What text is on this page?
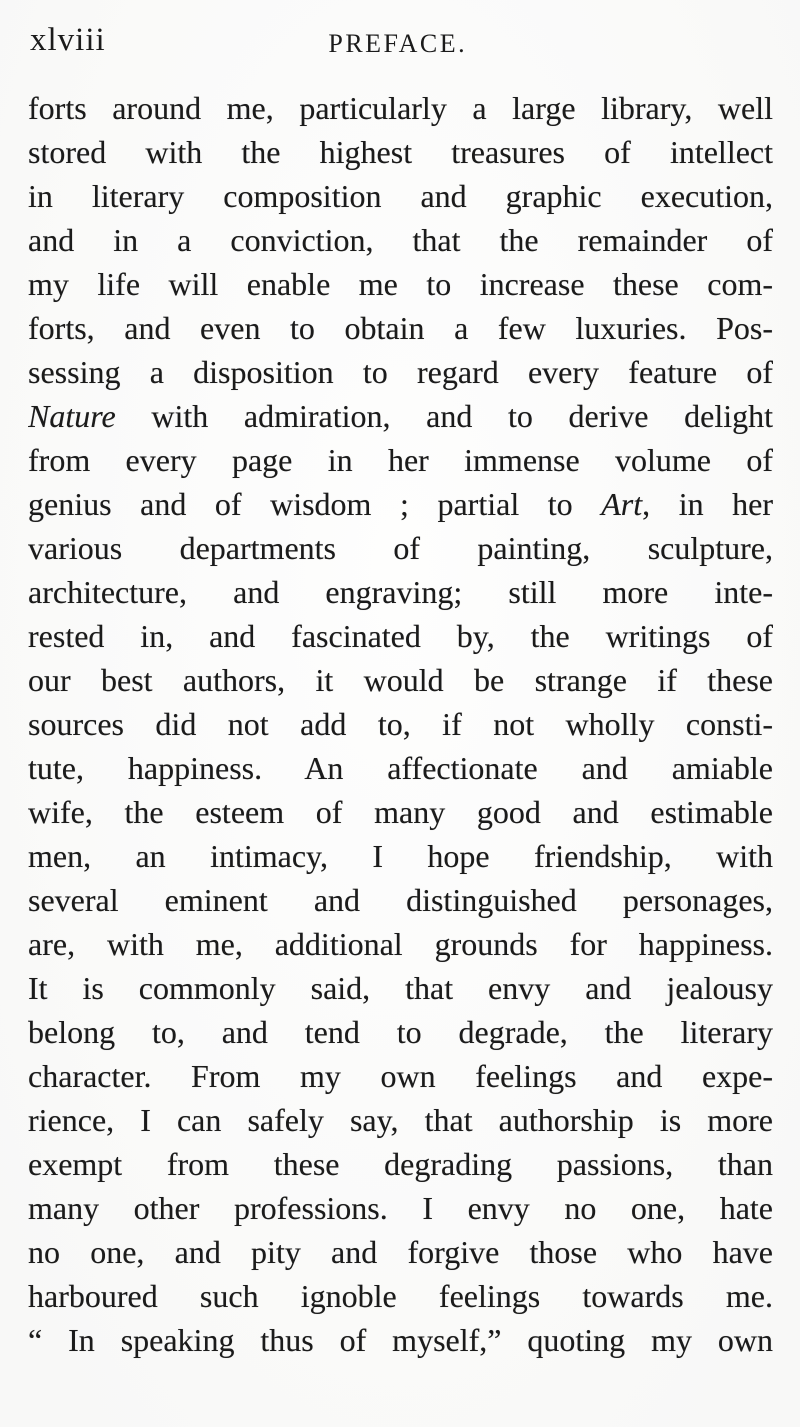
xlviii	PREFACE.
forts around me, particularly a large library, well
stored with the highest treasures of intellect
in literary composition and graphic execution,
and in a conviction, that the remainder of
my life will enable me to increase these com-
forts, and even to obtain a few luxuries. Pos-
sessing a disposition to regard every feature of
Nature with admiration, and to derive delight
from every page in her immense volume of
genius and of wisdom ; partial to Art, in her
various departments of painting, sculpture,
architecture, and engraving; still more inte-
rested in, and fascinated by, the writings of
our best authors, it would be strange if these
sources did not add to, if not wholly consti-
tute, happiness. An affectionate and amiable
wife, the esteem of many good and estimable
men, an intimacy, I hope friendship, with
several eminent and distinguished personages,
are, with me, additional grounds for happiness.
It is commonly said, that envy and jealousy
belong to, and tend to degrade, the literary
character. From my own feelings and expe-
rience, I can safely say, that authorship is more
exempt from these degrading passions, than
many other professions. I envy no one, hate
no one, and pity and forgive those who have
harboured such ignoble feelings towards me.
“ In speaking thus of myself,” quoting my own
